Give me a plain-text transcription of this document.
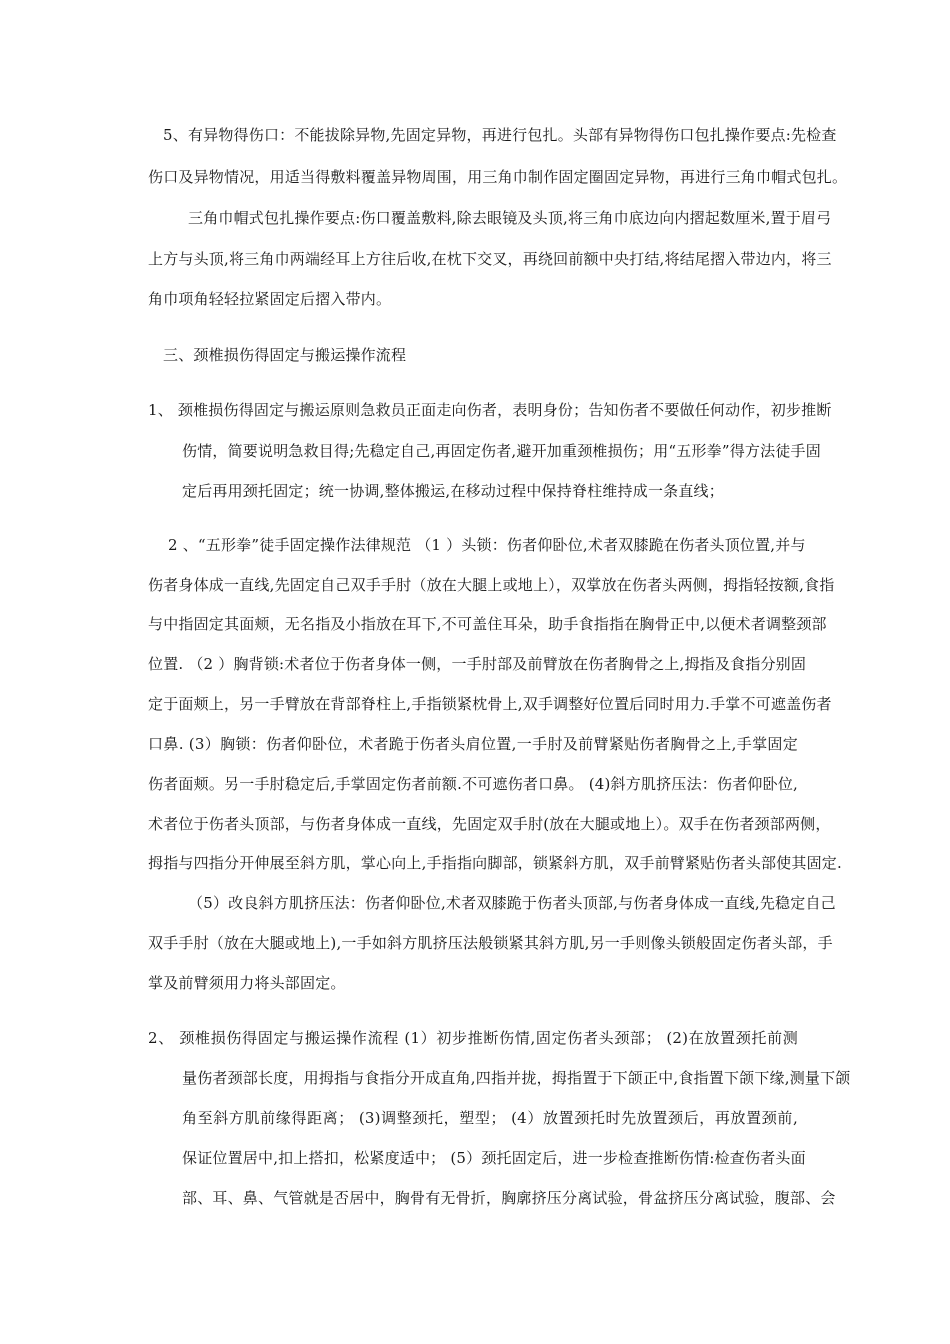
5、有异物得伤口：不能拔除异物,先固定异物，再进行包扎。头部有异物得伤口包扎操作要点:先检查
伤口及异物情况，用适当得敷料覆盖异物周围，用三角巾制作固定圈固定异物，再进行三角巾帽式包扎。
三角巾帽式包扎操作要点:伤口覆盖敷料,除去眼镜及头顶,将三角巾底边向内摺起数厘米,置于眉弓
上方与头顶,将三角巾两端经耳上方往后收,在枕下交叉，再绕回前额中央打结,将结尾摺入带边内，将三
角巾项角轻轻拉紧固定后摺入带内。
三、颈椎损伤得固定与搬运操作流程
1、 颈椎损伤得固定与搬运原则急救员正面走向伤者，表明身份；告知伤者不要做任何动作，初步推断
伤情，简要说明急救目得;先稳定自己,再固定伤者,避开加重颈椎损伤；用“五形拳”得方法徒手固
定后再用颈托固定；统一协调,整体搬运,在移动过程中保持脊柱维持成一条直线；
2 、“五形拳”徒手固定操作法律规范 （1 ）头锁：伤者仰卧位,术者双膝跪在伤者头顶位置,并与
伤者身体成一直线,先固定自己双手手肘（放在大腿上或地上），双掌放在伤者头两侧，拇指轻按额,食指
与中指固定其面颊，无名指及小指放在耳下,不可盖住耳朵，助手食指指在胸骨正中,以便术者调整颈部
位置. （2 ）胸背锁:术者位于伤者身体一侧，一手肘部及前臂放在伤者胸骨之上,拇指及食指分别固
定于面颊上，另一手臂放在背部脊柱上,手指锁紧枕骨上,双手调整好位置后同时用力.手掌不可遮盖伤者
口鼻. (3）胸锁：伤者仰卧位，术者跪于伤者头肩位置,一手肘及前臂紧贴伤者胸骨之上,手掌固定
伤者面颊。另一手肘稳定后,手掌固定伤者前额.不可遮伤者口鼻。 (4)斜方肌挤压法：伤者仰卧位,
术者位于伤者头顶部，与伤者身体成一直线，先固定双手肘(放在大腿或地上）。双手在伤者颈部两侧，
拇指与四指分开伸展至斜方肌，掌心向上,手指指向脚部，锁紧斜方肌，双手前臂紧贴伤者头部使其固定.
（5）改良斜方肌挤压法：伤者仰卧位,术者双膝跪于伤者头顶部,与伤者身体成一直线,先稳定自己
双手手肘（放在大腿或地上),一手如斜方肌挤压法般锁紧其斜方肌,另一手则像头锁般固定伤者头部，手
掌及前臂须用力将头部固定。
2、 颈椎损伤得固定与搬运操作流程 (1）初步推断伤情,固定伤者头颈部； (2)在放置颈托前测
量伤者颈部长度，用拇指与食指分开成直角,四指并拢，拇指置于下颌正中,食指置下颌下缘,测量下颌
角至斜方肌前缘得距离； (3)调整颈托，塑型； (4）放置颈托时先放置颈后，再放置颈前,
保证位置居中,扣上搭扣，松紧度适中； (5）颈托固定后，进一步检查推断伤情:检查伤者头面
部、耳、鼻、气管就是否居中，胸骨有无骨折，胸廓挤压分离试验，骨盆挤压分离试验，腹部、会
